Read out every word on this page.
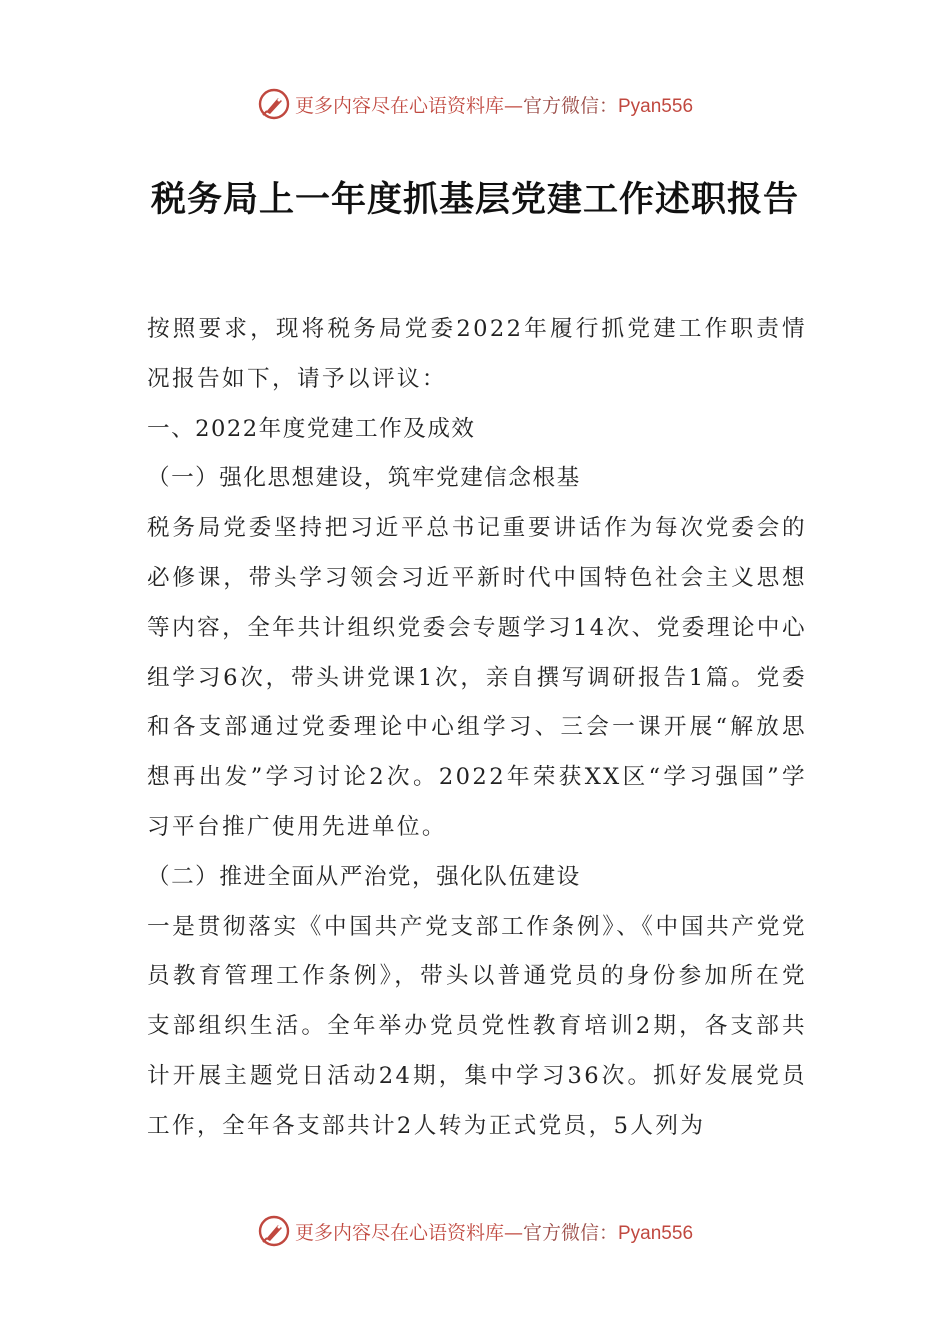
更多内容尽在心语资料库—官方微信：Pyan556
税务局上一年度抓基层党建工作述职报告

按照要求，现将税务局党委2022年履行抓党建工作职责情况报告如下，请予以评议：

一、2022年度党建工作及成效

（一）强化思想建设，筑牢党建信念根基

税务局党委坚持把习近平总书记重要讲话作为每次党委会的必修课，带头学习领会习近平新时代中国特色社会主义思想等内容，全年共计组织党委会专题学习14次、党委理论中心组学习6次，带头讲党课1次，亲自撰写调研报告1篇。党委和各支部通过党委理论中心组学习、三会一课开展“解放思想再出发”学习讨论2次。2022年荣获XX区“学习强国”学习平台推广使用先进单位。

（二）推进全面从严治党，强化队伍建设

一是贯彻落实《中国共产党支部工作条例》、《中国共产党党员教育管理工作条例》，带头以普通党员的身份参加所在党支部组织生活。全年举办党员党性教育培训2期，各支部共计开展主题党日活动24期，集中学习36次。抓好发展党员工作，全年各支部共计2人转为正式党员，5人列为

更多内容尽在心语资料库—官方微信：Pyan556
